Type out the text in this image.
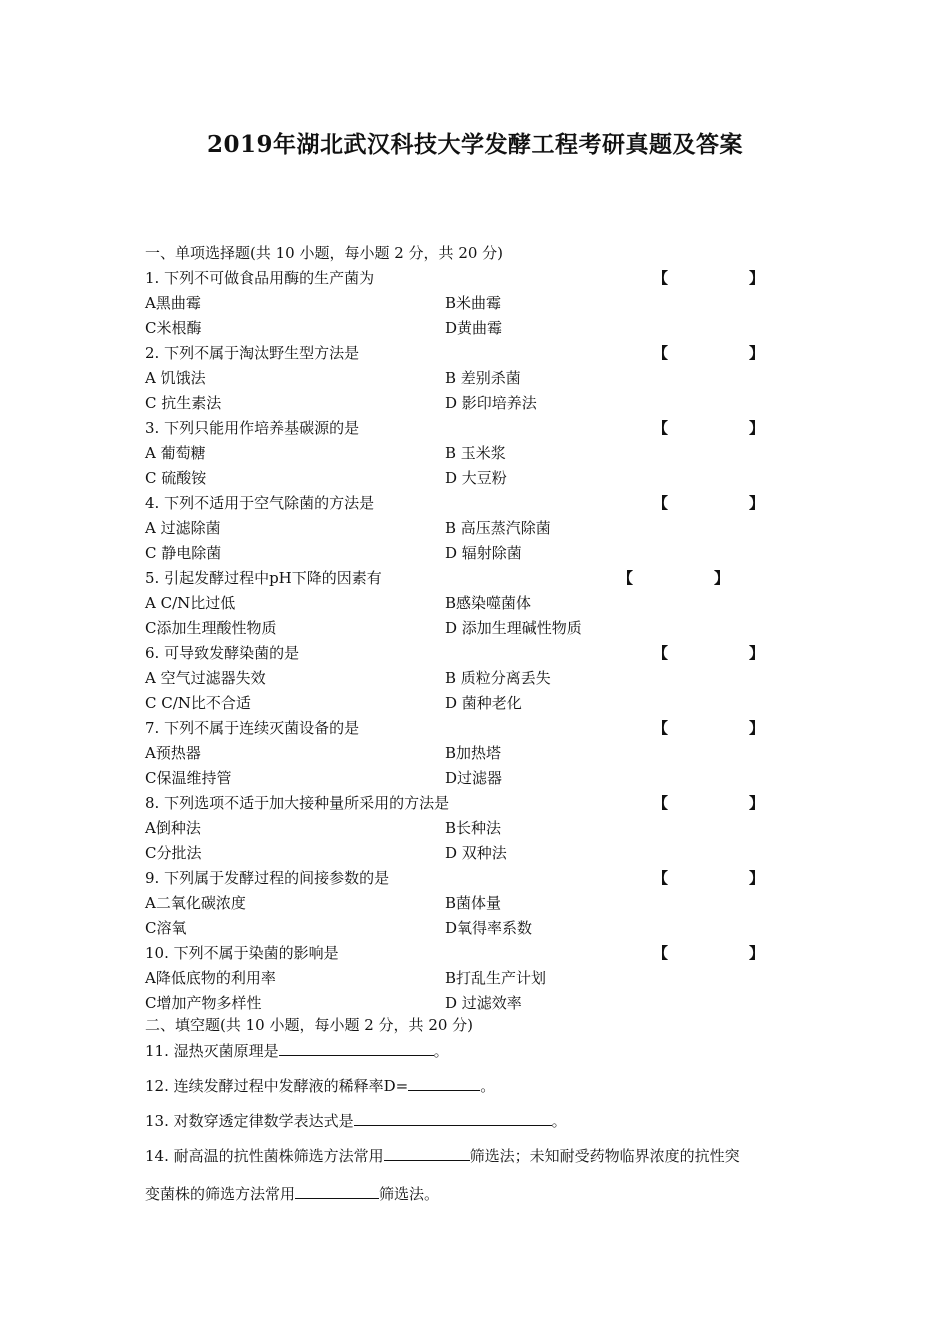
2019年湖北武汉科技大学发酵工程考研真题及答案
一、单项选择题(共 10 小题，每小题 2 分，共 20 分)
1. 下列不可做食品用酶的生产菌为	【	】
A黑曲霉	B米曲霉
C米根酶	D黄曲霉
2. 下列不属于淘汰野生型方法是	【	】
A 饥饿法	B 差别杀菌
C 抗生素法	D 影印培养法
3. 下列只能用作培养基碳源的是	【	】
A 葡萄糖	B 玉米浆
C 硫酸铵	D 大豆粉
4. 下列不适用于空气除菌的方法是	【	】
A 过滤除菌	B 高压蒸汽除菌
C 静电除菌	D 辐射除菌
5. 引起发酵过程中pH下降的因素有	【	】
A C/N比过低	B感染噬菌体
C添加生理酸性物质	D 添加生理碱性物质
6. 可导致发酵染菌的是	【	】
A 空气过滤器失效	B 质粒分离丢失
C C/N比不合适	D 菌种老化
7. 下列不属于连续灭菌设备的是	【	】
A预热器	B加热塔
C保温维持管	D过滤器
8. 下列选项不适于加大接种量所采用的方法是	【	】
A倒种法	B长种法
C分批法	D 双种法
9. 下列属于发酵过程的间接参数的是	【	】
A二氧化碳浓度	B菌体量
C溶氧	D氧得率系数
10. 下列不属于染菌的影响是	【	】
A降低底物的利用率	B打乱生产计划
C增加产物多样性	D 过滤效率
二、填空题(共 10 小题，每小题 2 分，共 20 分)
11. 湿热灭菌原理是	。
12. 连续发酵过程中发酵液的稀释率D=	。
13. 对数穿透定律数学表达式是	。
14. 耐高温的抗性菌株筛选方法常用	筛选法；未知耐受药物临界浓度的抗性突
变菌株的筛选方法常用	筛选法。
